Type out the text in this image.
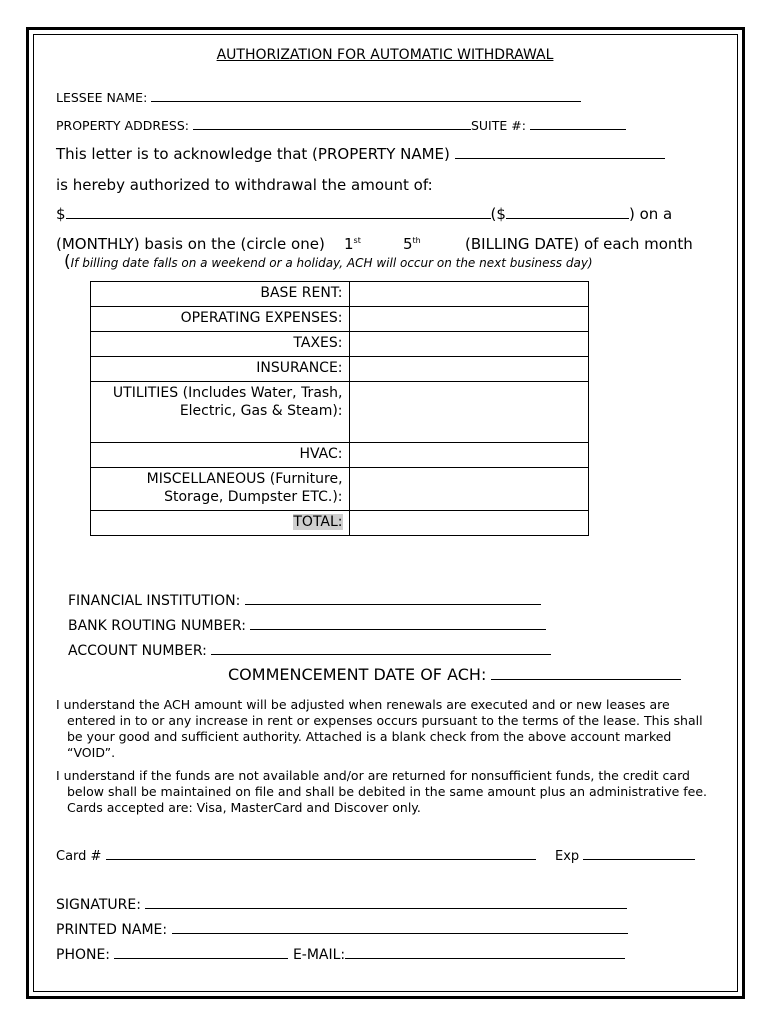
AUTHORIZATION FOR AUTOMATIC WITHDRAWAL
LESSEE NAME:
PROPERTY ADDRESS:	SUITE #:
This letter is to acknowledge that (PROPERTY NAME)
is hereby authorized to withdrawal the amount of:
$	($	) on a
(MONTHLY) basis on the (circle one) 1st	5th	(BILLING DATE) of each month
(If billing date falls on a weekend or a holiday, ACH will occur on the next business day)
BASE RENT:	
OPERATING EXPENSES:	
TAXES:	
INSURANCE:	
UTILITIES (Includes Water, Trash, Electric, Gas & Steam):	
HVAC:	
MISCELLANEOUS (Furniture, Storage, Dumpster ETC.):	
TOTAL:	
FINANCIAL INSTITUTION:
BANK ROUTING NUMBER:
ACCOUNT NUMBER:
COMMENCEMENT DATE OF ACH:
I understand the ACH amount will be adjusted when renewals are executed and or new leases are
entered in to or any increase in rent or expenses occurs pursuant to the terms of the lease. This shall be your good and sufficient authority. Attached is a blank check from the above account marked “VOID”.
I understand if the funds are not available and/or are returned for nonsufficient funds, the credit card
below shall be maintained on file and shall be debited in the same amount plus an administrative fee. Cards accepted are: Visa, MasterCard and Discover only.
Card #	Exp
SIGNATURE:
PRINTED NAME:
PHONE:	E-MAIL:
